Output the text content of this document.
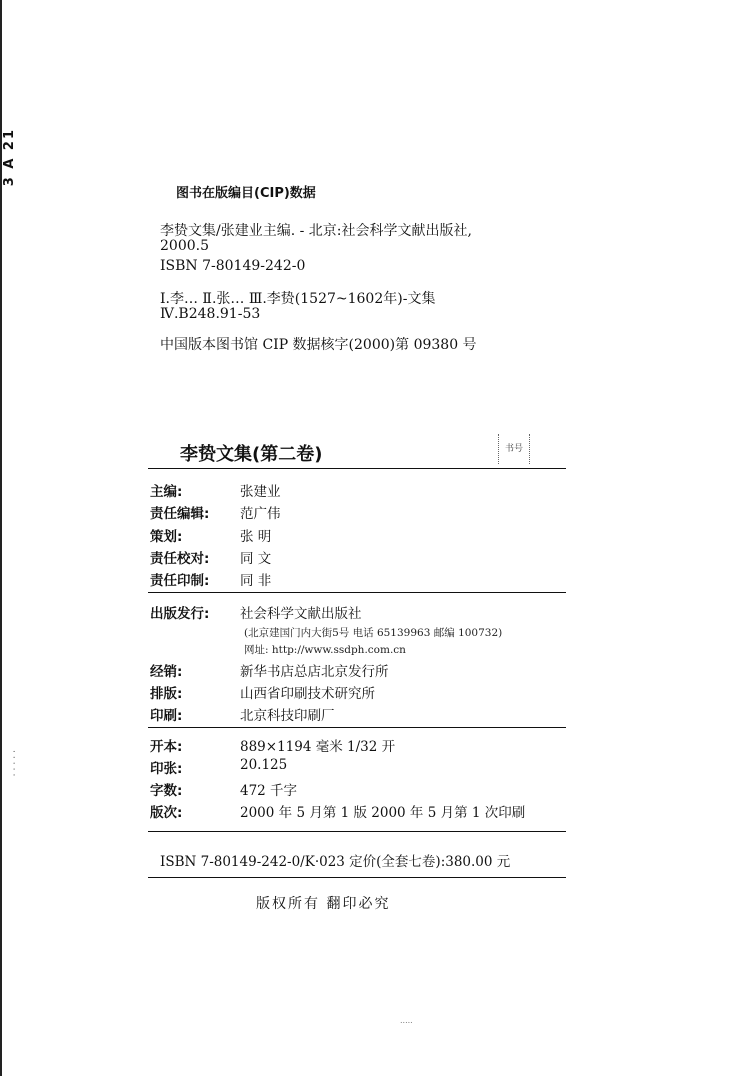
3 A 21
·····
图书在版编目(CIP)数据
李贽文集/张建业主编. - 北京:社会科学文献出版社,
2000.5
ISBN 7-80149-242-0
Ⅰ.李… Ⅱ.张… Ⅲ.李贽(1527~1602年)-文集
Ⅳ.B248.91-53
中国版本图书馆 CIP 数据核字(2000)第 09380 号
李贽文集(第二卷)	书号
主编:	张建业
责任编辑:	范广伟
策划:	张 明
责任校对:	同 文
责任印制:	同 非
出版发行:	社会科学文献出版社
(北京建国门内大街5号 电话 65139963 邮编 100732)
网址: http://www.ssdph.com.cn
经销:	新华书店总店北京发行所
排版:	山西省印刷技术研究所
印刷:	北京科技印刷厂
开本:	889×1194 毫米 1/32 开
印张:	20.125
字数:	472 千字
版次:	2000 年 5 月第 1 版 2000 年 5 月第 1 次印刷
ISBN 7-80149-242-0/K·023 定价(全套七卷):380.00 元
版权所有 翻印必究
.....
